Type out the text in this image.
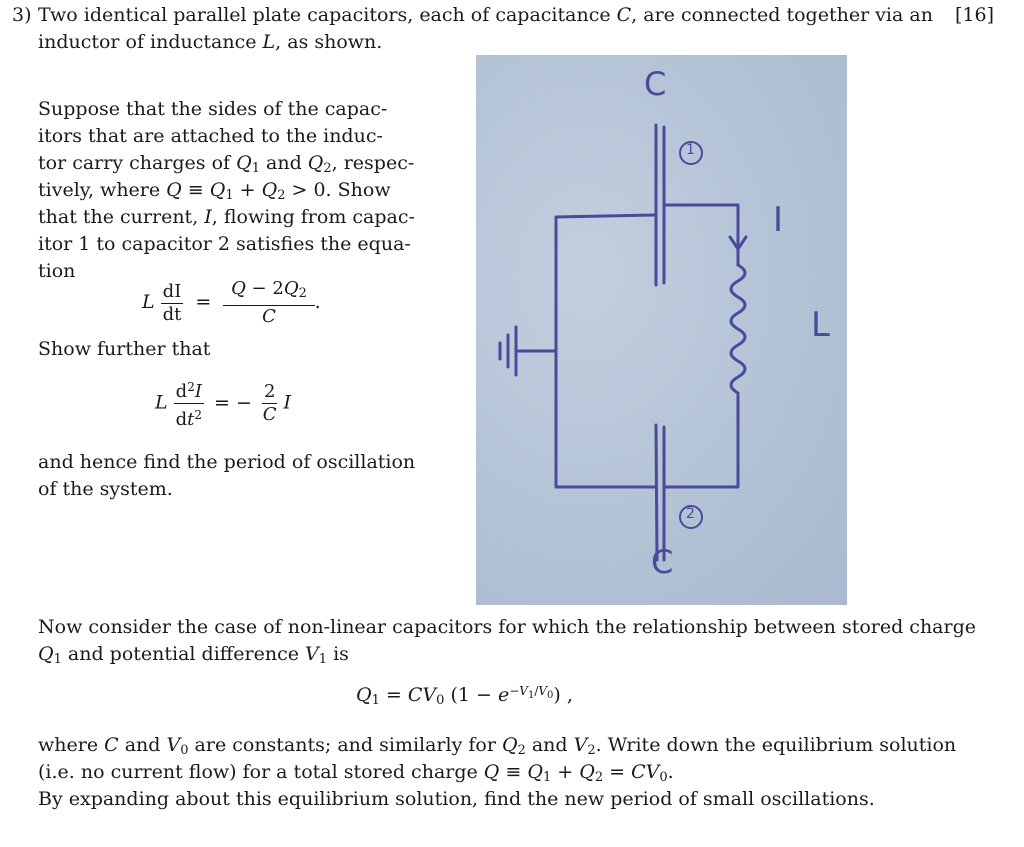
3) Two identical parallel plate capacitors, each of capacitance C, are connected together via an [16]
inductor of inductance L, as shown.
Suppose that the sides of the capac-
itors that are attached to the induc-
tor carry charges of $Q_1$ and $Q_2$, respec-
tively, where $Q \equiv Q_1 + Q_2 > 0$. Show
that the current, I, flowing from capac-
itor 1 to capacitor 2 satisfies the equa-
tion
L $\frac{dI}{dt} = \frac{Q - 2Q_2}{C}$ .
Show further that
L $\frac{d^2I}{dt^2}$ = − $\frac{2}{C}$ I
and hence find the period of oscillation
of the system.
C
1
2
C
I
L
Now consider the case of non-linear capacitors for which the relationship between stored charge
$Q_1$ and potential difference $V_1$ is
$Q_1 = CV_0$ $(1 - e^{-V_1/V_0})$ ,
where C and $V_0$ are constants; and similarly for $Q_2$ and $V_2$. Write down the equilibrium solution
(i.e. no current flow) for a total stored charge $Q \equiv Q_1 + Q_2 = CV_0$.
By expanding about this equilibrium solution, find the new period of small oscillations.
